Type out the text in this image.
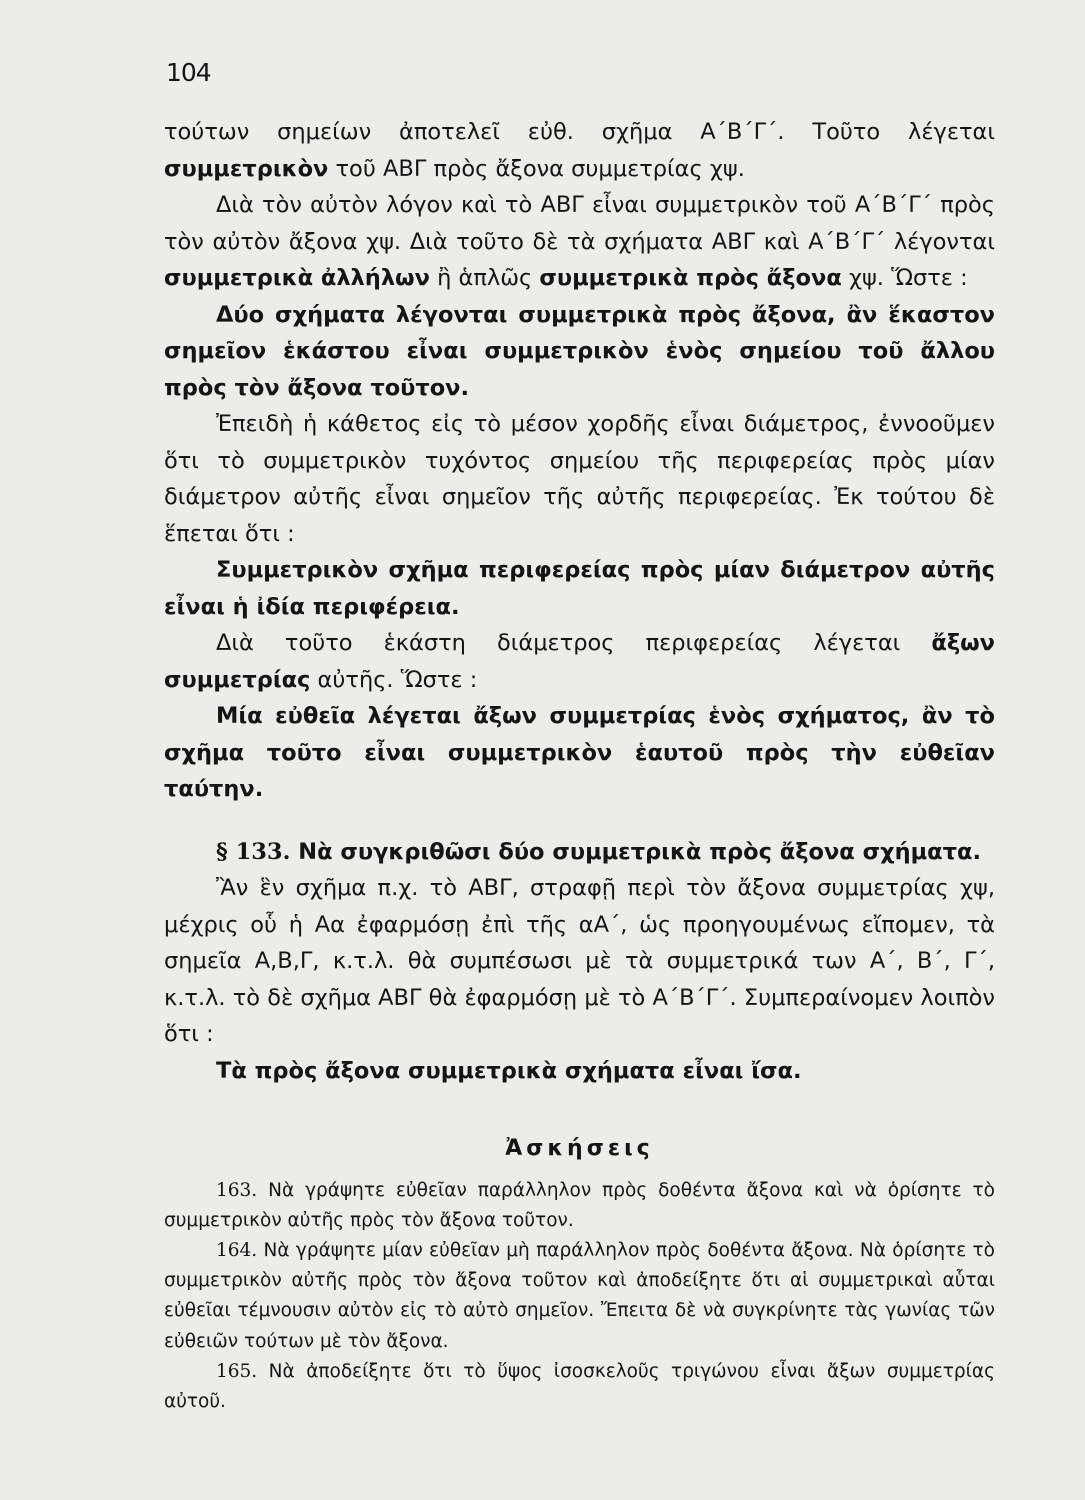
104

τούτων σημείων ἀποτελεῖ εὐθ. σχῆμα Α΄Β΄Γ΄. Τοῦτο λέγεται συμμετρικὸν τοῦ ΑΒΓ πρὸς ἄξονα συμμετρίας χψ.

Διὰ τὸν αὐτὸν λόγον καὶ τὸ ΑΒΓ εἶναι συμμετρικὸν τοῦ Α΄Β΄Γ΄ πρὸς τὸν αὐτὸν ἄξονα χψ. Διὰ τοῦτο δὲ τὰ σχήματα ΑΒΓ καὶ Α΄Β΄Γ΄ λέγονται συμμετρικὰ ἀλλήλων ἢ ἁπλῶς συμμετρικὰ πρὸς ἄξονα χψ. Ὥστε :

Δύο σχήματα λέγονται συμμετρικὰ πρὸς ἄξονα, ἂν ἕκαστον σημεῖον ἑκάστου εἶναι συμμετρικὸν ἑνὸς σημείου τοῦ ἄλλου πρὸς τὸν ἄξονα τοῦτον.

Ἐπειδὴ ἡ κάθετος εἰς τὸ μέσον χορδῆς εἶναι διάμετρος, ἐννοοῦμεν ὅτι τὸ συμμετρικὸν τυχόντος σημείου τῆς περιφερείας πρὸς μίαν διάμετρον αὐτῆς εἶναι σημεῖον τῆς αὐτῆς περιφερείας. Ἐκ τούτου δὲ ἕπεται ὅτι :

Συμμετρικὸν σχῆμα περιφερείας πρὸς μίαν διάμετρον αὐτῆς εἶναι ἡ ἰδία περιφέρεια.

Διὰ τοῦτο ἑκάστη διάμετρος περιφερείας λέγεται ἄξων συμμετρίας αὐτῆς. Ὥστε :

Μία εὐθεῖα λέγεται ἄξων συμμετρίας ἑνὸς σχήματος, ἂν τὸ σχῆμα τοῦτο εἶναι συμμετρικὸν ἑαυτοῦ πρὸς τὴν εὐθεῖαν ταύτην.

§ 133. Νὰ συγκριθῶσι δύο συμμετρικὰ πρὸς ἄξονα σχήματα.

Ἂν ἓν σχῆμα π.χ. τὸ ΑΒΓ, στραφῇ περὶ τὸν ἄξονα συμμετρίας χψ, μέχρις οὗ ἡ Αα ἐφαρμόσῃ ἐπὶ τῆς αΑ΄, ὡς προηγουμένως εἴπομεν, τὰ σημεῖα Α,Β,Γ, κ.τ.λ. θὰ συμπέσωσι μὲ τὰ συμμετρικά των Α΄, Β΄, Γ΄, κ.τ.λ. τὸ δὲ σχῆμα ΑΒΓ θὰ ἐφαρμόσῃ μὲ τὸ Α΄Β΄Γ΄. Συμπεραίνομεν λοιπὸν ὅτι :

Τὰ πρὸς ἄξονα συμμετρικὰ σχήματα εἶναι ἴσα.

Ἀσκήσεις

163. Νὰ γράψητε εὐθεῖαν παράλληλον πρὸς δοθέντα ἄξονα καὶ νὰ ὁρίσητε τὸ συμμετρικὸν αὐτῆς πρὸς τὸν ἄξονα τοῦτον.

164. Νὰ γράψητε μίαν εὐθεῖαν μὴ παράλληλον πρὸς δοθέντα ἄξονα. Νὰ ὁρίσητε τὸ συμμετρικὸν αὐτῆς πρὸς τὸν ἄξονα τοῦτον καὶ ἀποδείξητε ὅτι αἱ συμμετρικαὶ αὗται εὐθεῖαι τέμνουσιν αὐτὸν εἰς τὸ αὐτὸ σημεῖον. Ἔπειτα δὲ νὰ συγκρίνητε τὰς γωνίας τῶν εὐθειῶν τούτων μὲ τὸν ἄξονα.

165. Νὰ ἀποδείξητε ὅτι τὸ ὕψος ἰσοσκελοῦς τριγώνου εἶναι ἄξων συμμετρίας αὐτοῦ.
